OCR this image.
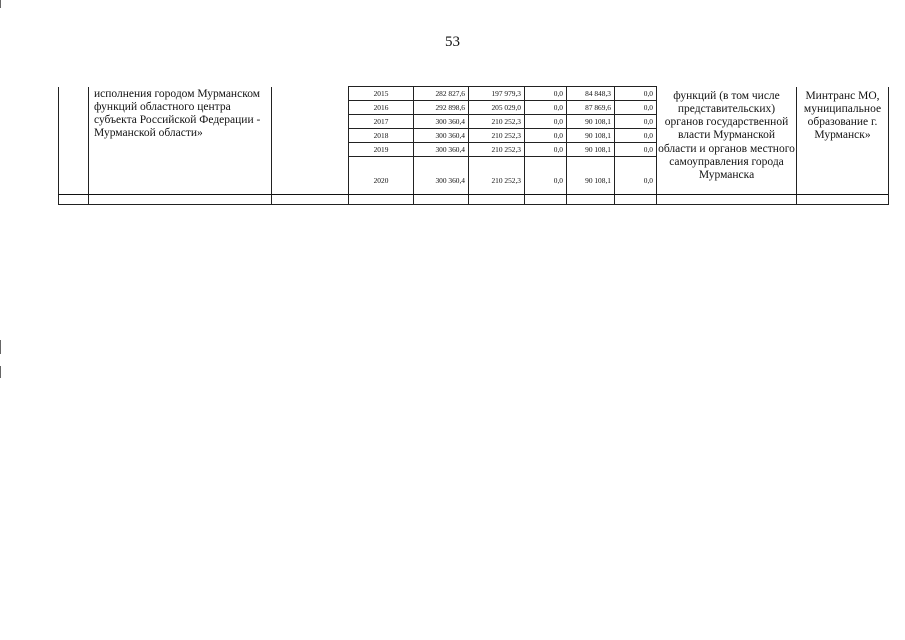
53
	исполнения городом Мурманском функций областного центра субъекта Российской Федерации - Мурманской области»		2015	282 827,6	197 979,3	0,0	84 848,3	0,0	функций (в том числе представительских) органов государственной власти Мурманской области и органов местного самоуправления города Мурманска	Минтранс МО, муниципальное образование г. Мурманск»
			2016	292 898,6	205 029,0	0,0	87 869,6	0,0		
			2017	300 360,4	210 252,3	0,0	90 108,1	0,0		
			2018	300 360,4	210 252,3	0,0	90 108,1	0,0		
			2019	300 360,4	210 252,3	0,0	90 108,1	0,0		
			2020	300 360,4	210 252,3	0,0	90 108,1	0,0		
